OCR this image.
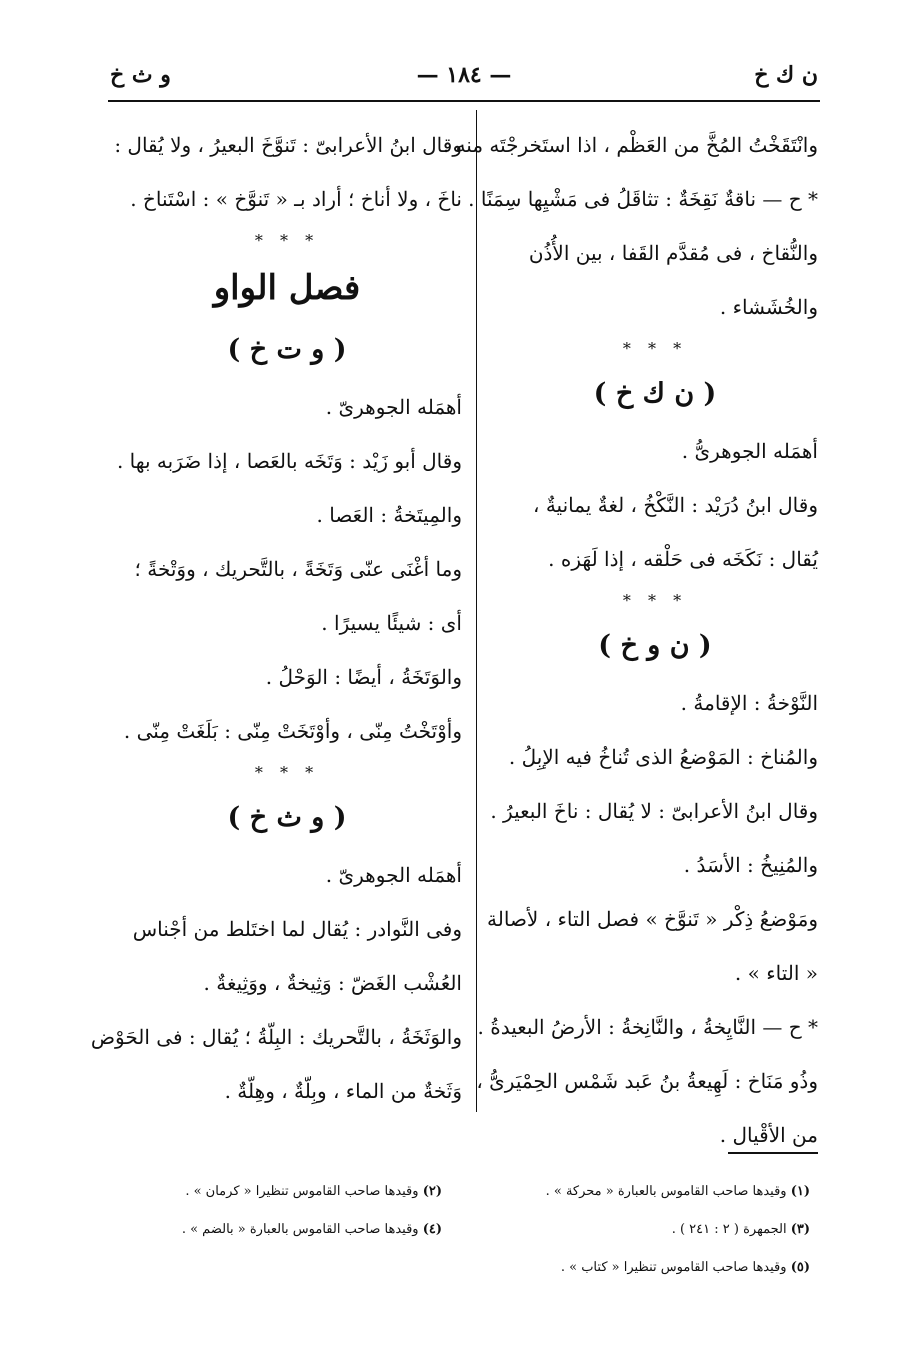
ن ك خ
— ١٨٤ —
و ث خ
وانْتَقَخْتُ المُخَّ من العَظْم ، اذا استَخرجْتَه منه .
* ح — ناقةٌ نَقِخَةٌ : تثاقَلُ فى مَشْيِها سِمَنًا .
والنُّقاخ ، فى مُقدَّم القَفا ، بين الأُذُن
والخُشَشاء .
* * *
( ن ك خ )
أهمَله الجوهرىُّ .
وقال ابنُ دُرَيْد : النَّكْخُ ، لغةٌ يمانيةٌ ،
يُقال : نَكَخَه فى حَلْقه ، إذا لَهَزه .
* * *
( ن و خ )
النَّوْخةُ : الإقامةُ .
والمُناخ : المَوْضعُ الذى تُناخُ فيه الإبِلُ .
وقال ابنُ الأعرابىّ : لا يُقال : ناخَ البعيرُ .
والمُنِيخُ : الأسَدُ .
ومَوْضعُ ذِكْر « تَنوَّخ » فصل التاء ، لأصالة
« التاء » .
* ح — النَّايِخةُ ، والنَّانِخةُ : الأرضُ البعيدةُ .
وذُو مَنَاخ : لَهِيعةُ بنُ عَبد شَمْس الحِمْيَرىُّ ،
من الأقْيال .
وقال ابنُ الأعرابىّ : تَنوَّخَ البعيرُ ، ولا يُقال :
ناخَ ، ولا أناخ ؛ أراد بـ « تَنوَّخ » : اسْتَناخ .
* * *
فصل الواو
( و ت خ )
أهمَله الجوهرىّ .
وقال أبو زَيْد : وَتَخَه بالعَصا ، إذا ضَرَبه بها .
والمِيتَخةُ : العَصا .
وما أغْنَى عنّى وَتَخَةً ، بالتَّحريك ، ووَتْخةً ؛
أى : شيئًا يسيرًا .
والوَتَخَةُ ، أيضًا : الوَحْلُ .
وأوْتَخْتُ مِنّى ، وأوْتَخَتْ مِنّى : بَلَغَتْ مِنّى .
* * *
( و ث خ )
أهمَله الجوهرىّ .
وفى النَّوادر : يُقال لما اختَلط من أجْناس
العُشْب الغَضّ : وَثِيخةٌ ، ووَثِيغةٌ .
والوَثَخَةُ ، بالتَّحريك : البِلّةُ ؛ يُقال : فى الحَوْض
وَثَخةٌ من الماء ، وبِلّةٌ ، وهِلّةٌ .
(١) وقيدها صاحب القاموس بالعبارة « محركة » .
(٢) وقيدها صاحب القاموس تنظيرا « كرمان » .
(٣) الجمهرة ( ٢ : ٢٤١ ) .
(٤) وقيدها صاحب القاموس بالعبارة « بالضم » .
(٥) وقيدها صاحب القاموس تنظيرا « كتاب » .
